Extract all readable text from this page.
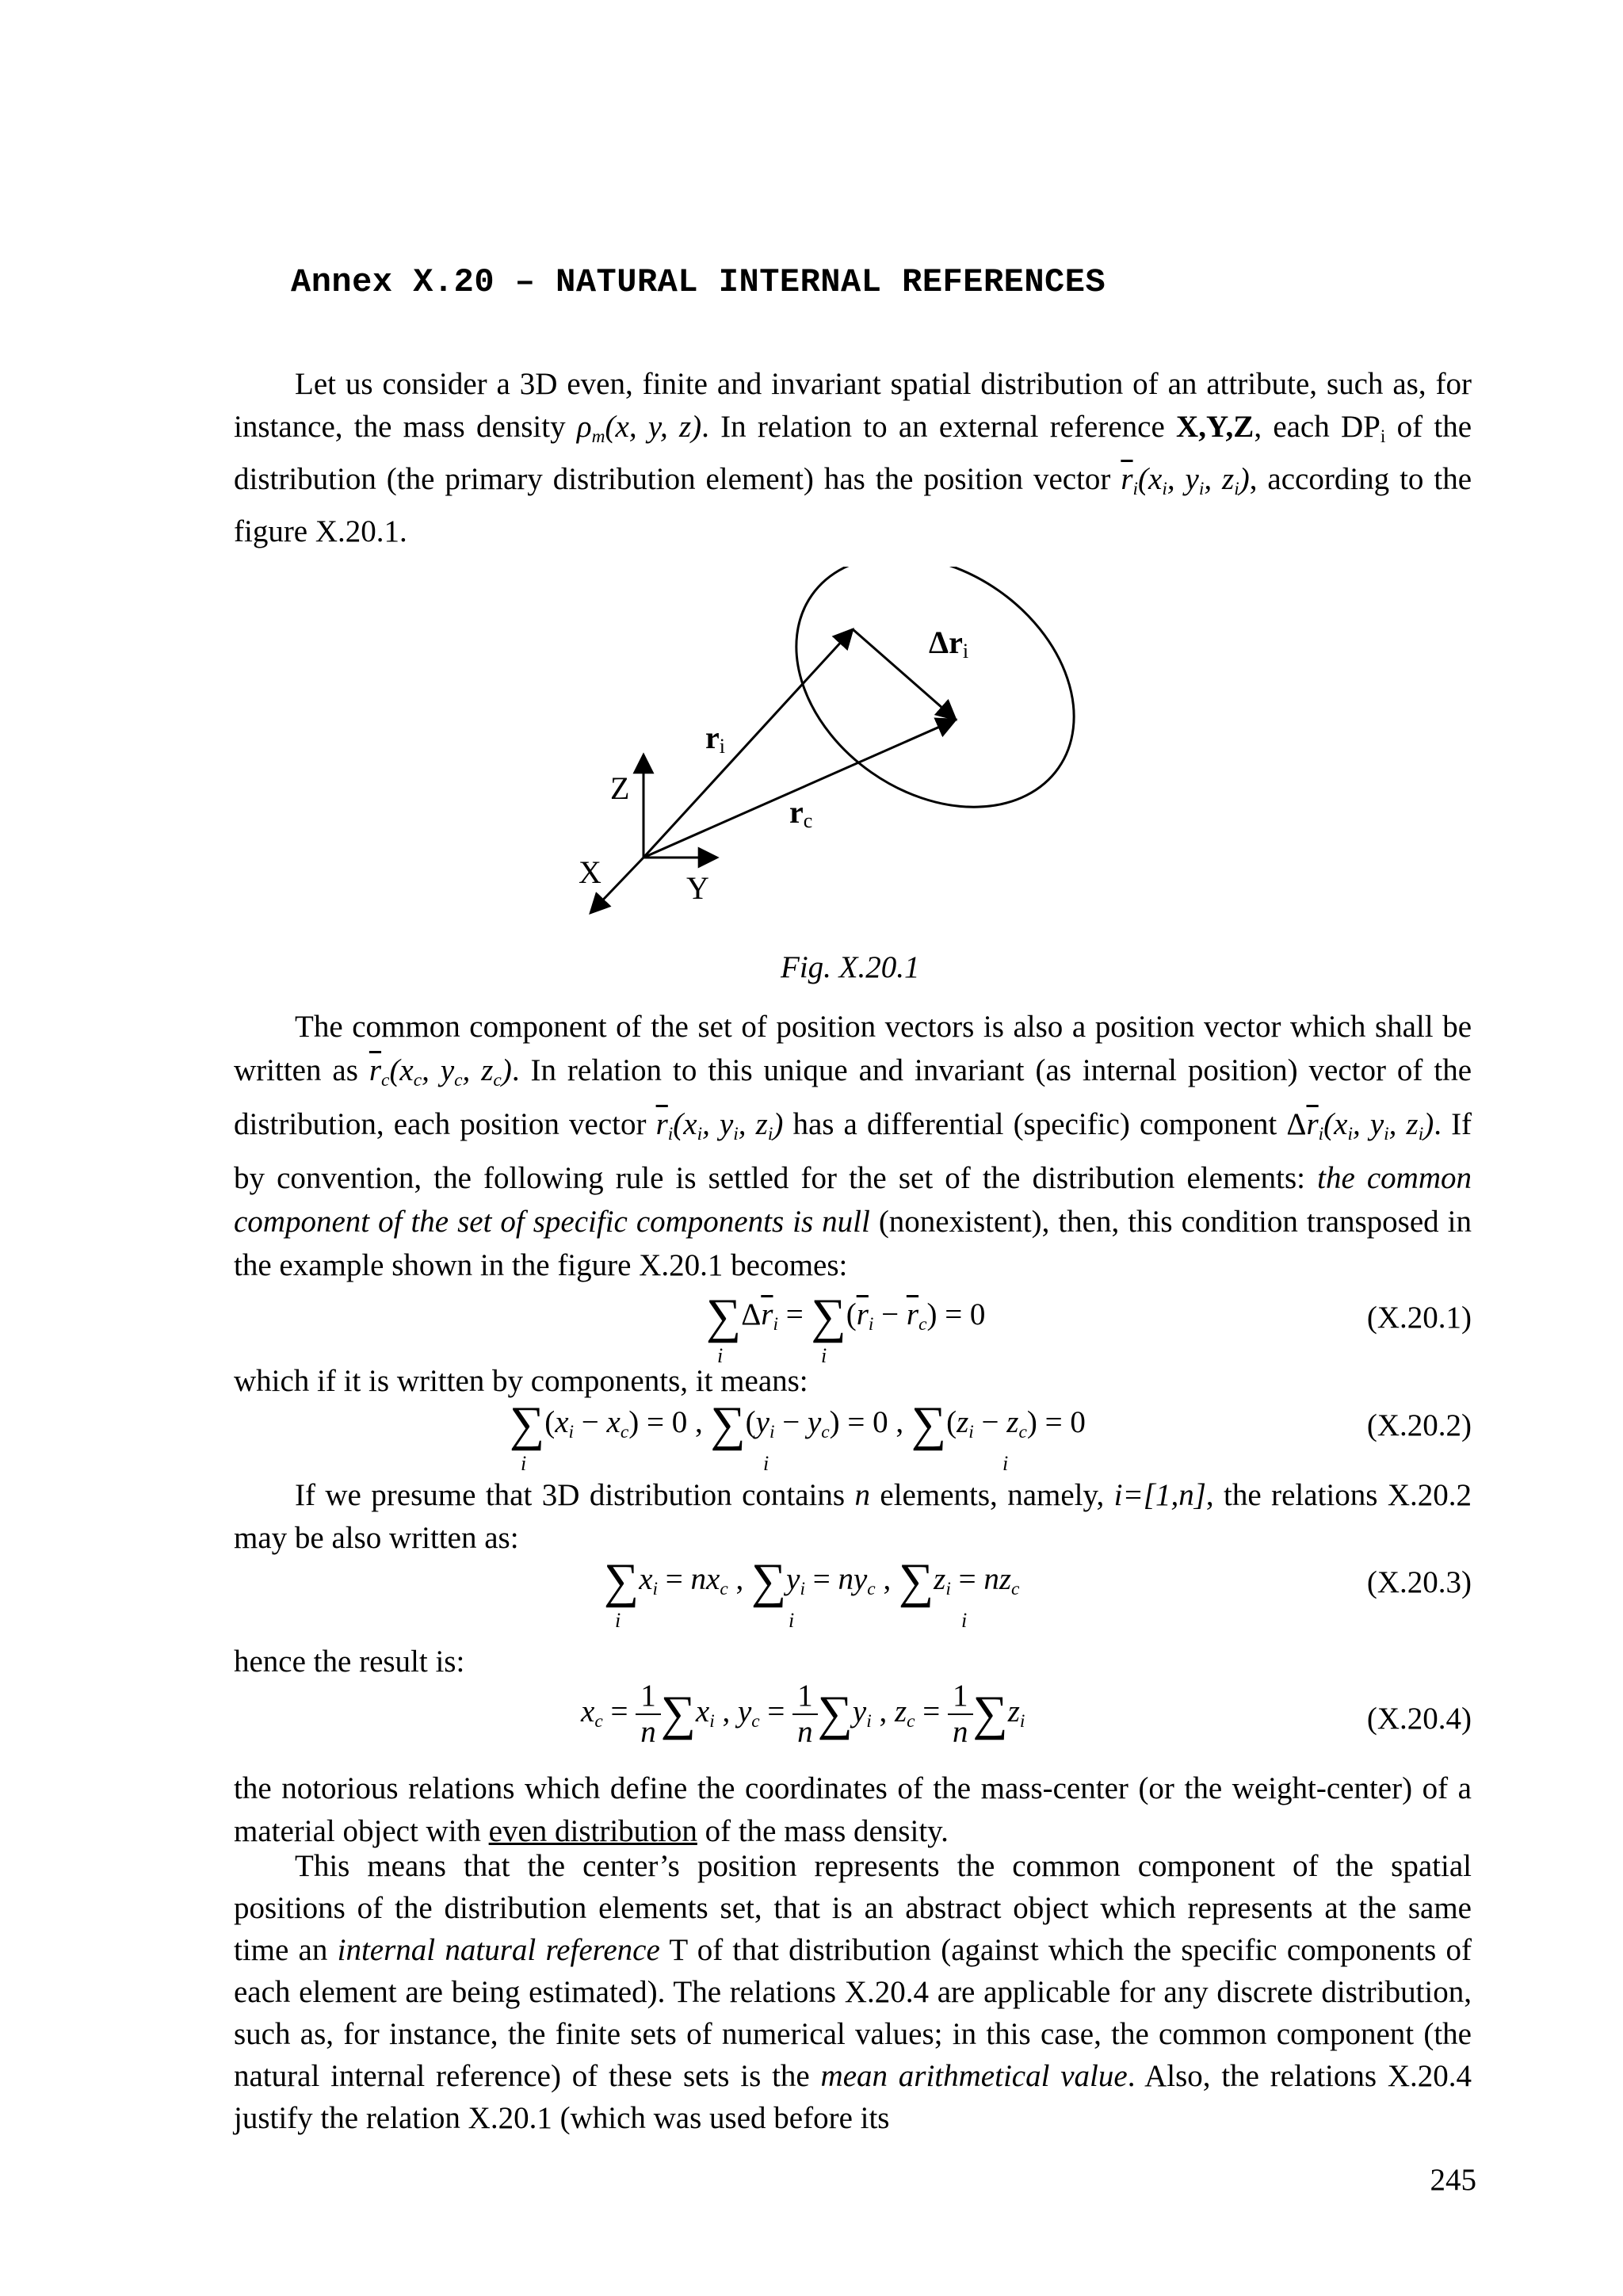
Annex X.20 – NATURAL INTERNAL REFERENCES
Let us consider a 3D even, finite and invariant spatial distribution of an attribute, such as, for instance, the mass density $\rho_m(x$, y, z). In relation to an external reference X,Y,Z, each $DP_i$ of the distribution (the primary distribution element) has the position vector $\overline{r}_i(x_i$, $y_i$, $z_i$), according to the figure X.20.1.
Δri
ri
rc
Z
X	Y
Fig. X.20.1
The common component of the set of position vectors is also a position vector which shall be written as $\overline{r}_c(x_c$, $y_c$, $z_c$). In relation to this unique and invariant (as internal position) vector of the distribution, each position vector $\overline{r}_i(x_i$, $y_i$, $z_i$) has a differential (specific) component $\Delta\overline{r}_i(x_i$, $y_i$, $z_i$). If by convention, the following rule is settled for the set of the distribution elements: the common component of the set of specific components is null (nonexistent), then, this condition transposed in the example shown in the figure X.20.1 becomes:
$\sum\Delta\overline{r}_i = \sum(\overline{r}_i - \overline{r}_c) = 0$
i	i
(X.20.1)
which if it is written by components, it means:
$\sum(x_i - x_c) = 0$ , $\sum(y_i - y_c) = 0$ , $\sum(z_i - z_c) = 0$
i	i	i
(X.20.2)
If we presume that 3D distribution contains n elements, namely, i=[1,n], the relations X.20.2 may be also written as:
$\sum x_i = nx_c$ , $\sum y_i = ny_c$ , $\sum z_i = nz_c$
i	i	i
(X.20.3)
hence the result is:
$x_c = \frac{1}{n} \sum x_i$ , $y_c = \frac{1}{n} \sum y_i$ , $z_c = \frac{1}{n} \sum z_i$	(X.20.4)
the notorious relations which define the coordinates of the mass-center (or the weight-center) of a material object with even distribution of the mass density.
This means that the center’s position represents the common component of the spatial positions of the distribution elements set, that is an abstract object which represents at the same time an internal natural reference T of that distribution (against which the specific components of each element are being estimated). The relations X.20.4 are applicable for any discrete distribution, such as, for instance, the finite sets of numerical values; in this case, the common component (the natural internal reference) of these sets is the mean arithmetical value. Also, the relations X.20.4 justify the relation X.20.1 (which was used before its
245
